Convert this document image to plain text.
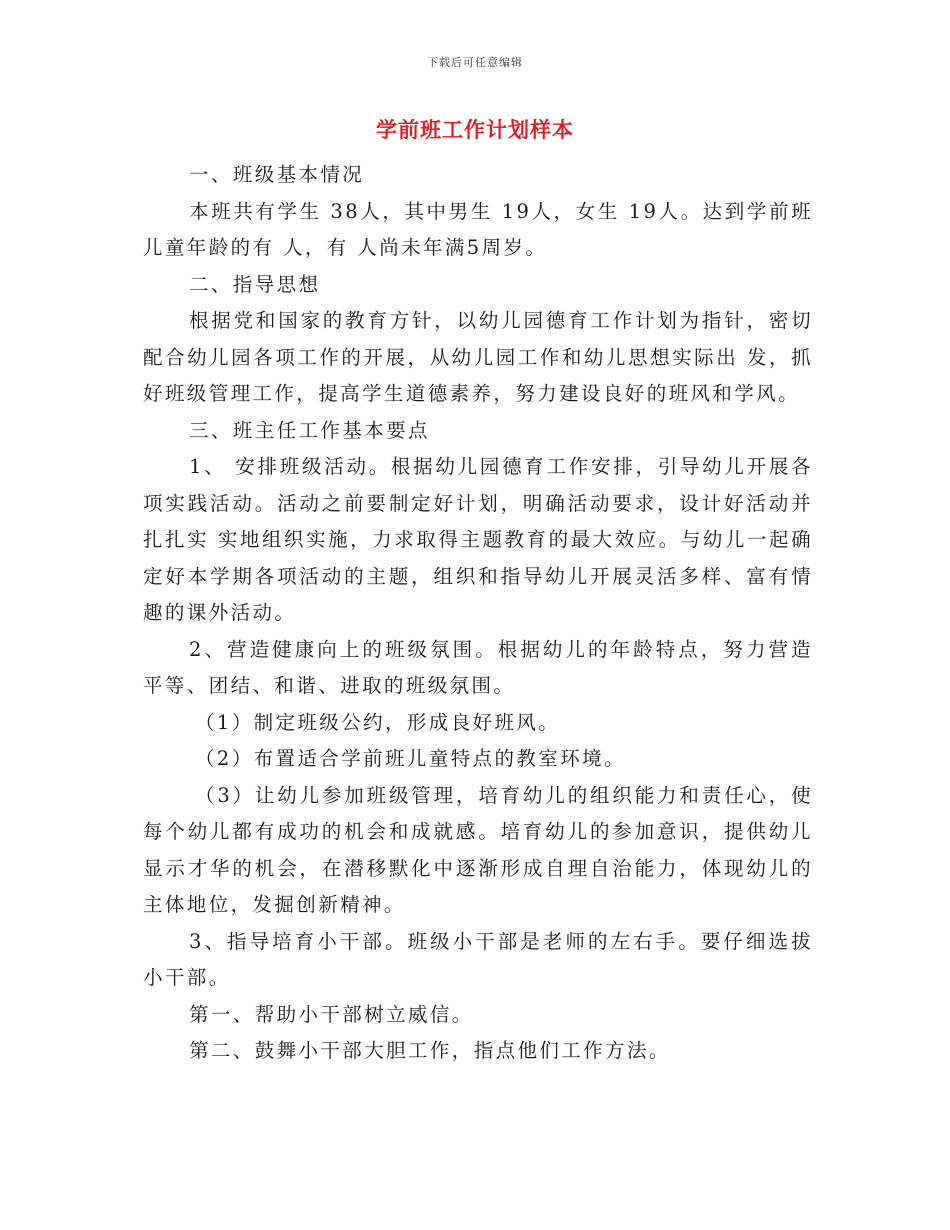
下载后可任意编辑
学前班工作计划样本

一、班级基本情况

本班共有学生 38人，其中男生 19人，女生 19人。达到学前班儿童年龄的有 人，有 人尚未年满5周岁。

二、指导思想

根据党和国家的教育方针，以幼儿园德育工作计划为指针，密切配合幼儿园各项工作的开展，从幼儿园工作和幼儿思想实际出 发，抓好班级管理工作，提高学生道德素养，努力建设良好的班风和学风。

三、班主任工作基本要点

1、 安排班级活动。根据幼儿园德育工作安排，引导幼儿开展各项实践活动。活动之前要制定好计划，明确活动要求，设计好活动并扎扎实 实地组织实施，力求取得主题教育的最大效应。与幼儿一起确定好本学期各项活动的主题，组织和指导幼儿开展灵活多样、富有情趣的课外活动。

2、营造健康向上的班级氛围。根据幼儿的年龄特点，努力营造平等、团结、和谐、进取的班级氛围。

（1）制定班级公约，形成良好班风。

（2）布置适合学前班儿童特点的教室环境。

（3）让幼儿参加班级管理，培育幼儿的组织能力和责任心，使每个幼儿都有成功的机会和成就感。培育幼儿的参加意识，提供幼儿显示才华的机会，在潜移默化中逐渐形成自理自治能力，体现幼儿的主体地位，发掘创新精神。

3、指导培育小干部。班级小干部是老师的左右手。要仔细选拔小干部。

第一、帮助小干部树立威信。

第二、鼓舞小干部大胆工作，指点他们工作方法。
